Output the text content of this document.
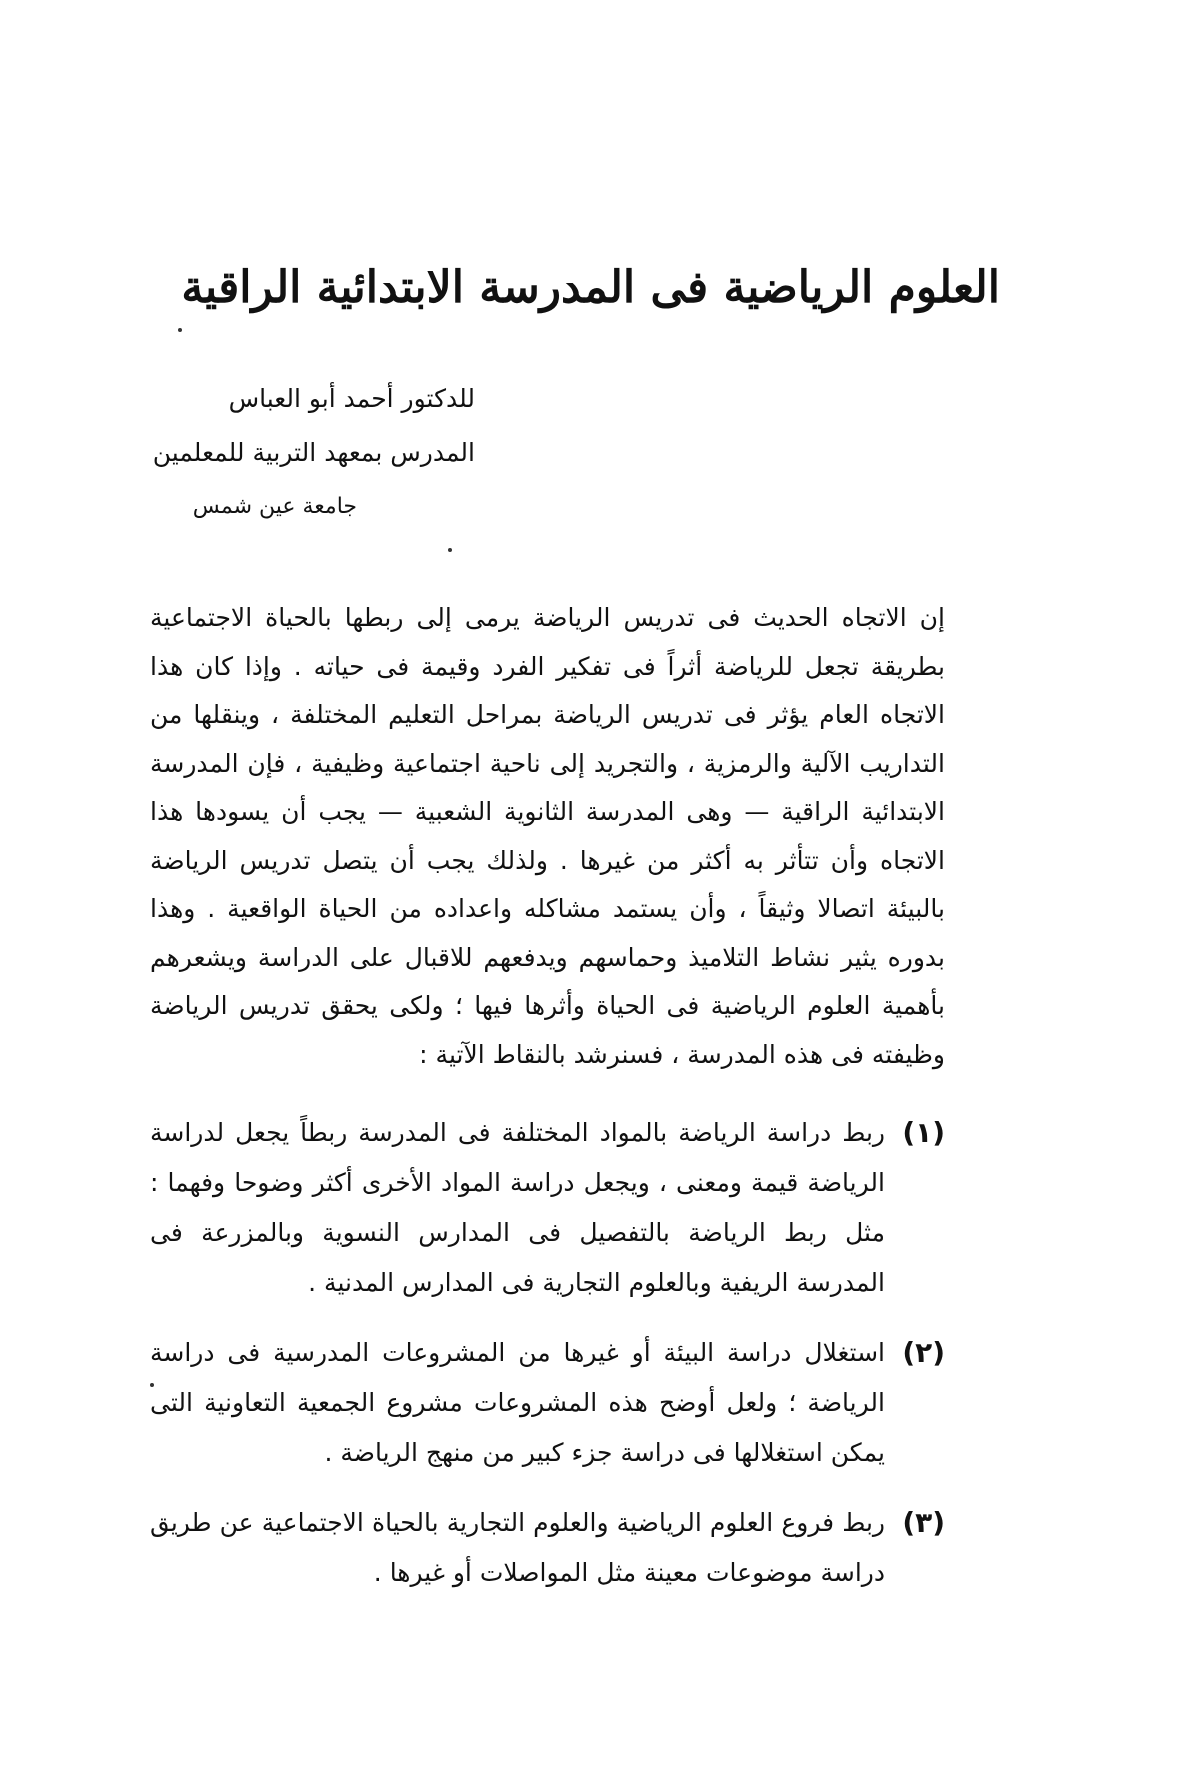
العلوم الرياضية فى المدرسة الابتدائية الراقية
للدكتور أحمد أبو العباس
المدرس بمعهد التربية للمعلمين
جامعة عين شمس
إن الاتجاه الحديث فى تدريس الرياضة يرمى إلى ربطها بالحياة الاجتماعية بطريقة تجعل للرياضة أثراً فى تفكير الفرد وقيمة فى حياته . وإذا كان هذا الاتجاه العام يؤثر فى تدريس الرياضة بمراحل التعليم المختلفة ، وينقلها من التداريب الآلية والرمزية ، والتجريد إلى ناحية اجتماعية وظيفية ، فإن المدرسة الابتدائية الراقية — وهى المدرسة الثانوية الشعبية — يجب أن يسودها هذا الاتجاه وأن تتأثر به أكثر من غيرها . ولذلك يجب أن يتصل تدريس الرياضة بالبيئة اتصالا وثيقاً ، وأن يستمد مشاكله واعداده من الحياة الواقعية . وهذا بدوره يثير نشاط التلاميذ وحماسهم ويدفعهم للاقبال على الدراسة ويشعرهم بأهمية العلوم الرياضية فى الحياة وأثرها فيها ؛ ولكى يحقق تدريس الرياضة وظيفته فى هذه المدرسة ، فسنرشد بالنقاط الآتية :
(١)
ربط دراسة الرياضة بالمواد المختلفة فى المدرسة ربطاً يجعل لدراسة الرياضة قيمة ومعنى ، ويجعل دراسة المواد الأخرى أكثر وضوحا وفهما : مثل ربط الرياضة بالتفصيل فى المدارس النسوية وبالمزرعة فى المدرسة الريفية وبالعلوم التجارية فى المدارس المدنية .
(٢)
استغلال دراسة البيئة أو غيرها من المشروعات المدرسية فى دراسة الرياضة ؛ ولعل أوضح هذه المشروعات مشروع الجمعية التعاونية التى يمكن استغلالها فى دراسة جزء كبير من منهج الرياضة .
(٣)
ربط فروع العلوم الرياضية والعلوم التجارية بالحياة الاجتماعية عن طريق دراسة موضوعات معينة مثل المواصلات أو غيرها .
